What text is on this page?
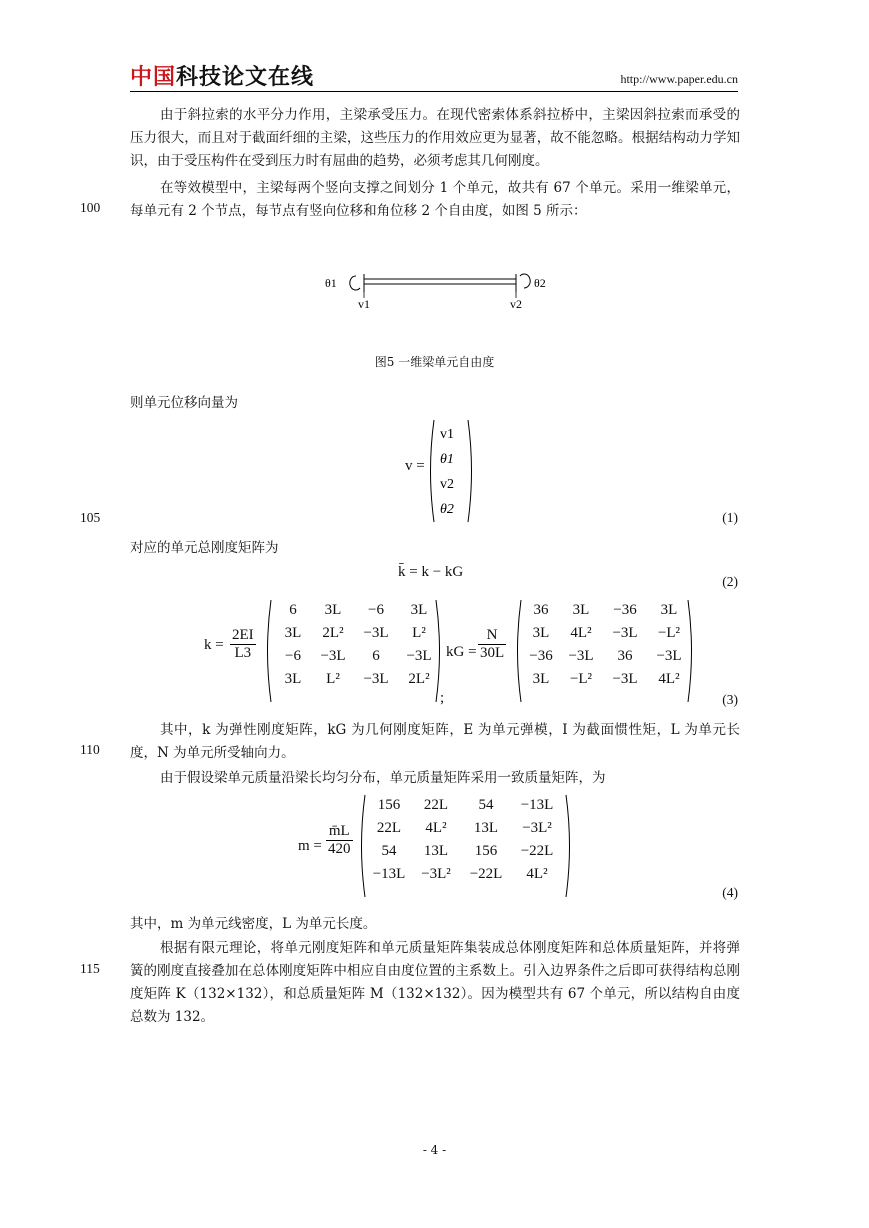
中国科技论文在线	http://www.paper.edu.cn
由于斜拉索的水平分力作用，主梁承受压力。在现代密索体系斜拉桥中，主梁因斜拉索而承受的压力很大，而且对于截面纤细的主梁，这些压力的作用效应更为显著，故不能忽略。根据结构动力学知识，由于受压构件在受到压力时有屈曲的趋势，必须考虑其几何刚度。
在等效模型中，主梁每两个竖向支撑之间划分 1 个单元，故共有 67 个单元。采用一维梁单元，每单元有 2 个节点，每节点有竖向位移和角位移 2 个自由度，如图 5 所示：
100
θ1	θ2
v1	v2
图5 一维梁单元自由度
则单元位移向量为
v =
v1
θ1
v2
θ2
105	(1)
对应的单元总刚度矩阵为
k̄ = k − kG
(2)
$k = \frac{2EI}{L3}$
6	3L	−6	3L
3L	2L²	−3L	L²
−6	−3L	6	−3L
3L	L²	−3L	2L²
;
kG = $\frac{N}{30L}$
36	3L	−36	3L
3L	4L²	−3L	−L²
−36	−3L	36	−3L
3L	−L²	−3L	4L²
(3)
其中，k 为弹性刚度矩阵，kG 为几何刚度矩阵，E 为单元弹模，I 为截面惯性矩，L 为单元长度，N 为单元所受轴向力。
110
由于假设梁单元质量沿梁长均匀分布，单元质量矩阵采用一致质量矩阵，为
$m = \frac{m̄L}{420}$
156	22L	54	−13L
22L	4L²	13L	−3L²
54	13L	156	−22L
−13L	−3L²	−22L	4L²
(4)
其中，m 为单元线密度，L 为单元长度。
根据有限元理论，将单元刚度矩阵和单元质量矩阵集装成总体刚度矩阵和总体质量矩阵，并将弹簧的刚度直接叠加在总体刚度矩阵中相应自由度位置的主系数上。引入边界条件之后即可获得结构总刚度矩阵 K（132×132），和总质量矩阵 M（132×132）。因为模型共有 67 个单元，所以结构自由度总数为 132。
115
- 4 -
